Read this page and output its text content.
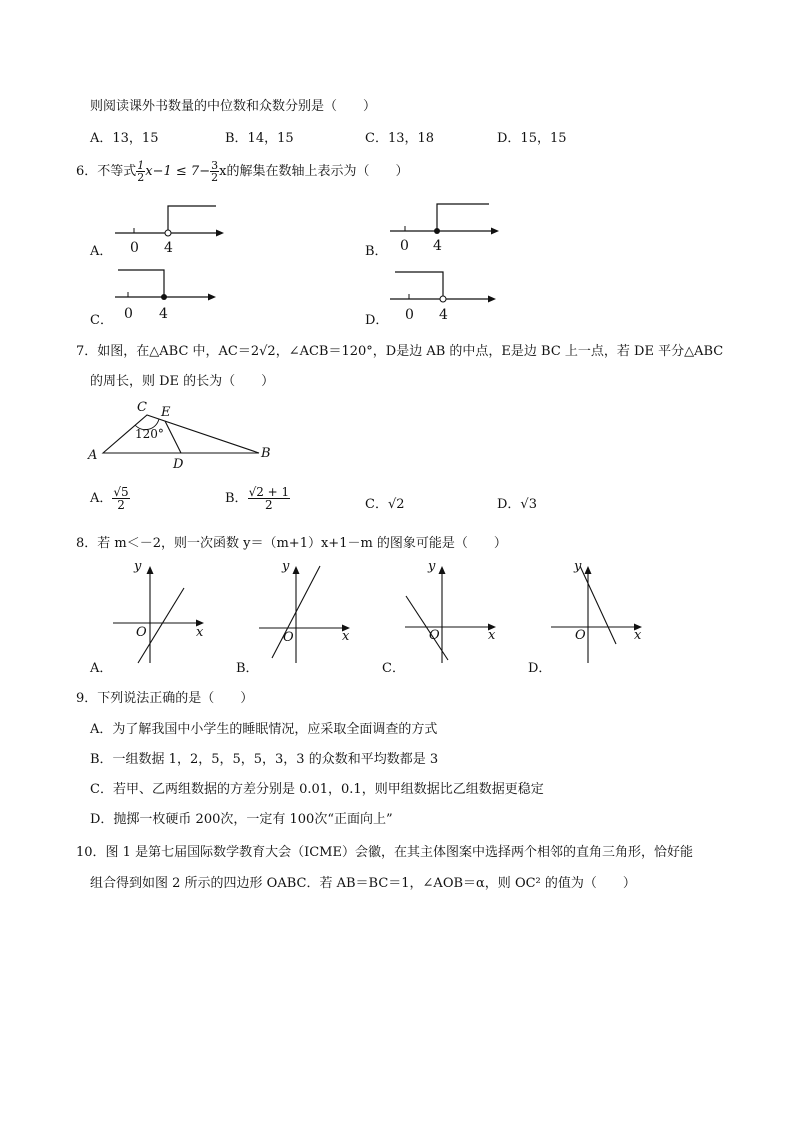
则阅读课外书数量的中位数和众数分别是（　　）
A．13，15	B．14，15	C．13，18	D．15，15
6．不等式 $\frac{1}{2} x-1 \le 7- \frac{3}{2}$ x的解集在数轴上表示为（　　）
A． 0 4	B． 0 4
C． 0 4	D． 0 4
7．如图，在△ABC 中，AC＝2√2，∠ACB＝120°，D是边 AB 的中点，E是边 BC 上一点，若 DE 平分△ABC
的周长，则 DE 的长为（　　）
A
C E
B
D
120°
A． $\frac{√5}{2}$	B． $\frac{√2 + 1}{2}$	C．√2	D．√3
8．若 m＜－2，则一次函数 y＝（m+1）x+1－m 的图象可能是（　　）
y
x
O
A．
y
x
O
B．
y
x
O
C．
y
x
O
D．
9．下列说法正确的是（　　）
A．为了解我国中小学生的睡眠情况，应采取全面调查的方式
B．一组数据 1，2，5，5，5，3，3 的众数和平均数都是 3
C．若甲、乙两组数据的方差分别是 0.01，0.1，则甲组数据比乙组数据更稳定
D．抛掷一枚硬币 200次，一定有 100次“正面向上”
10．图 1 是第七届国际数学教育大会（ICME）会徽，在其主体图案中选择两个相邻的直角三角形，恰好能
组合得到如图 2 所示的四边形 OABC．若 AB＝BC＝1，∠AOB＝α，则 OC² 的值为（　　）
